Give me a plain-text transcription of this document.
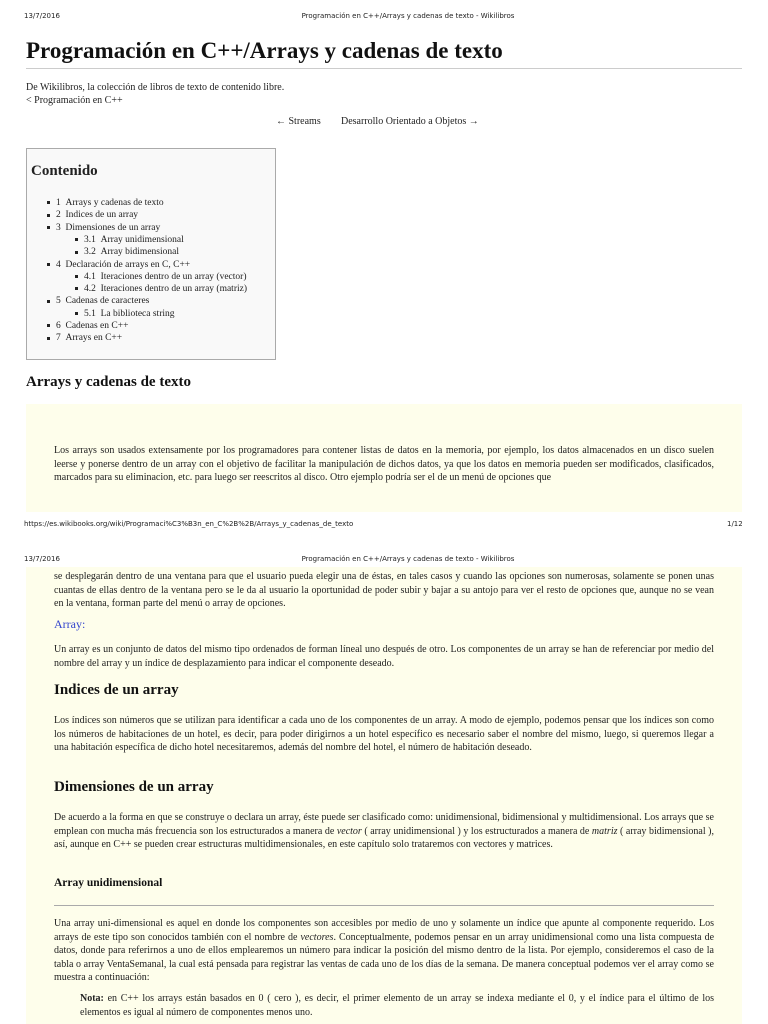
13/7/2016	Programación en C++/Arrays y cadenas de texto - Wikilibros
Programación en C++/Arrays y cadenas de texto
De Wikilibros, la colección de libros de texto de contenido libre.
< Programación en C++
← Streams Desarrollo Orientado a Objetos →
Contenido
1 Arrays y cadenas de texto
2 Indices de un array
3 Dimensiones de un array
3.1 Array unidimensional
3.2 Array bidimensional
4 Declaración de arrays en C, C++
4.1 Iteraciones dentro de un array (vector)
4.2 Iteraciones dentro de un array (matriz)
5 Cadenas de caracteres
5.1 La biblioteca string
6 Cadenas en C++
7 Arrays en C++
Arrays y cadenas de texto
Los arrays son usados extensamente por los programadores para contener listas de datos en la memoria, por ejemplo, los datos almacenados en un disco suelen leerse y ponerse dentro de un array con el objetivo de facilitar la manipulación de dichos datos, ya que los datos en memoria pueden ser modificados, clasificados, marcados para su eliminacion, etc. para luego ser reescritos al disco. Otro ejemplo podría ser el de un menú de opciones que
https://es.wikibooks.org/wiki/Programaci%C3%B3n_en_C%2B%2B/Arrays_y_cadenas_de_texto	1/12
13/7/2016	Programación en C++/Arrays y cadenas de texto - Wikilibros
se desplegarán dentro de una ventana para que el usuario pueda elegir una de éstas, en tales casos y cuando las opciones son numerosas, solamente se ponen unas cuantas de ellas dentro de la ventana pero se le da al usuario la oportunidad de poder subir y bajar a su antojo para ver el resto de opciones que, aunque no se vean en la ventana, forman parte del menú o array de opciones.
Array:
Un array es un conjunto de datos del mismo tipo ordenados de forman líneal uno después de otro. Los componentes de un array se han de referenciar por medio del nombre del array y un índice de desplazamiento para indicar el componente deseado.
Indices de un array
Los índices son números que se utilizan para identificar a cada uno de los componentes de un array. A modo de ejemplo, podemos pensar que los índices son como los números de habitaciones de un hotel, es decir, para poder dirigirnos a un hotel específico es necesario saber el nombre del mismo, luego, si queremos llegar a una habitación específica de dicho hotel necesitaremos, además del nombre del hotel, el número de habitación deseado.
Dimensiones de un array
De acuerdo a la forma en que se construye o declara un array, éste puede ser clasificado como: unidimensional, bidimensional y multidimensional. Los arrays que se emplean con mucha más frecuencia son los estructurados a manera de vector ( array unidimensional ) y los estructurados a manera de matriz ( array bidimensional ), así, aunque en C++ se pueden crear estructuras multidimensionales, en este capítulo solo trataremos con vectores y matrices.
Array unidimensional
Una array uni-dimensional es aquel en donde los componentes son accesibles por medio de uno y solamente un índice que apunte al componente requerido. Los arrays de este tipo son conocidos también con el nombre de vectores. Conceptualmente, podemos pensar en un array unidimensional como una lista compuesta de datos, donde para referirnos a uno de ellos emplearemos un número para indicar la posición del mismo dentro de la lista. Por ejemplo, consideremos el caso de la tabla o array VentaSemanal, la cual está pensada para registrar las ventas de cada uno de los días de la semana. De manera conceptual podemos ver el array como se muestra a continuación:
Nota: en C++ los arrays están basados en 0 ( cero ), es decir, el primer elemento de un array se indexa mediante el 0, y el índice para el último de los elementos es igual al número de componentes menos uno.
